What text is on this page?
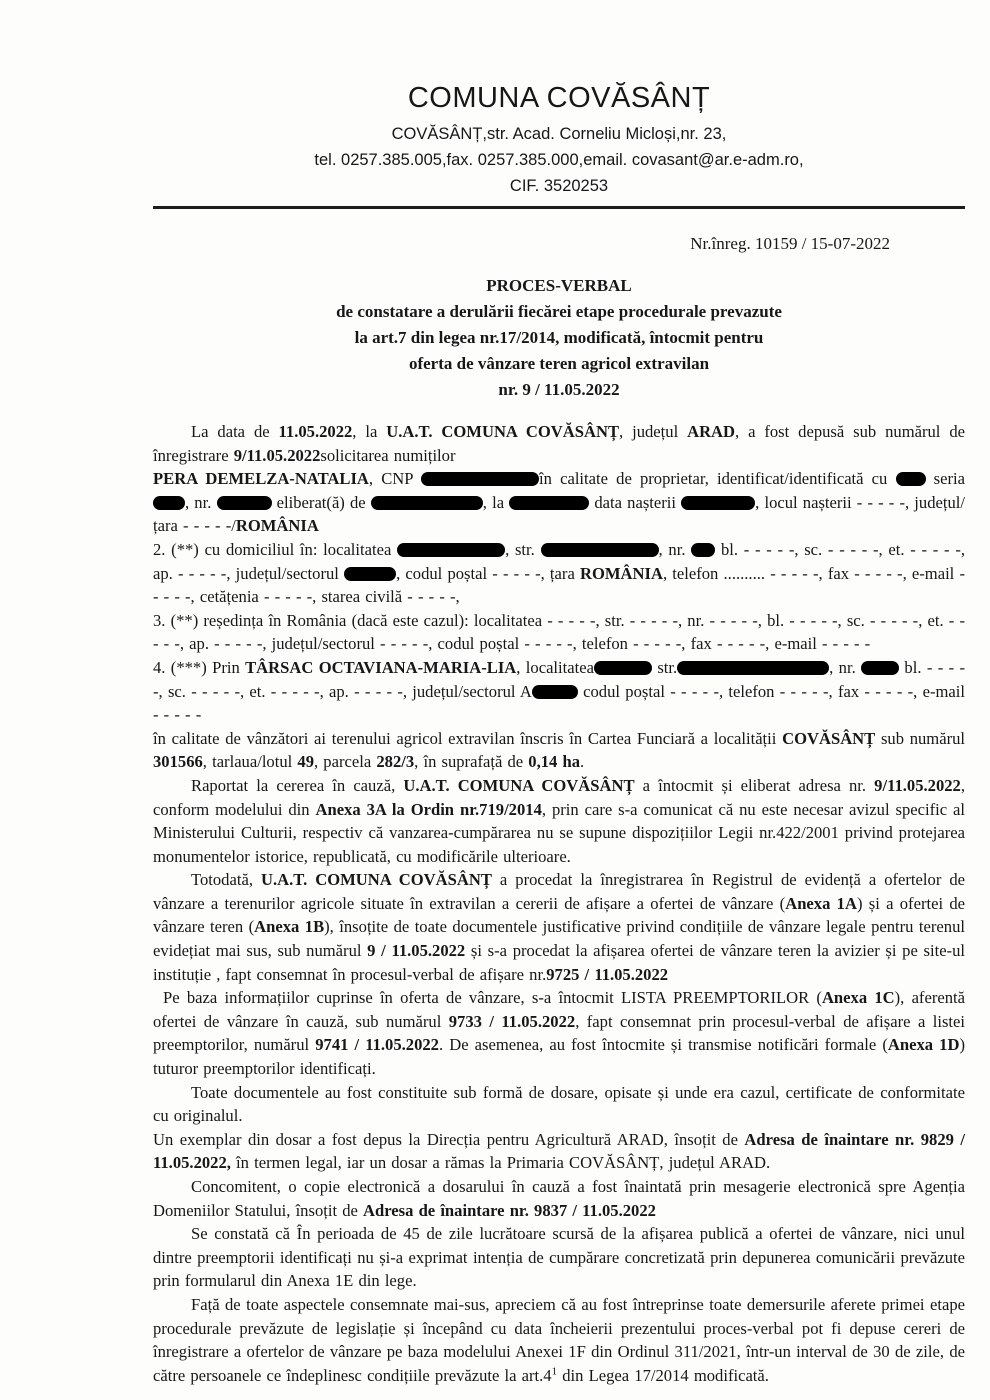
COMUNA COVĂSÂNȚ
COVĂSÂNȚ,str. Acad. Corneliu Micloși,nr. 23,
tel. 0257.385.005,fax. 0257.385.000,email. covasant@ar.e-adm.ro,
CIF. 3520253
Nr.înreg. 10159 / 15-07-2022
PROCES-VERBAL
de constatare a derulării fiecărei etape procedurale prevazute
la art.7 din legea nr.17/2014, modificată, întocmit pentru
oferta de vânzare teren agricol extravilan
nr. 9 / 11.05.2022

La data de 11.05.2022, la U.A.T. COMUNA COVĂSÂNȚ, județul ARAD, a fost depusă sub numărul de înregistrare 9/11.05.2022solicitarea numiților

PERA DEMELZA-NATALIA, CNP	în calitate de proprietar, identificat/identificată cu  seria , nr.	eliberat(ă) de	, la	data nașterii	, locul nașterii - - - - -, județul/țara - - - - -/ROMÂNIA

2. (**) cu domiciliul în: localitatea	, str.	, nr.  bl. - - - - -, sc. - - - - -, et. - - - - -, ap. - - - - -, județul/sectorul	, codul poștal - - - - -, țara ROMÂNIA, telefon .......... - - - - -, fax - - - - -, e-mail - - - - -, cetățenia - - - - -, starea civilă - - - - -,

3. (**) reședința în România (dacă este cazul): localitatea - - - - -, str. - - - - -, nr. - - - - -, bl. - - - - -, sc. - - - - -, et. - - - - -, ap. - - - - -, județul/sectorul - - - - -, codul poștal - - - - -, telefon - - - - -, fax - - - - -, e-mail - - - - -

4. (***) Prin TÂRSAC OCTAVIANA-MARIA-LIA, localitatea	str.	, nr.  bl. - - - - -, sc. - - - - -, et. - - - - -, ap. - - - - -, județul/sectorul A	codul poștal - - - - -, telefon - - - - -, fax - - - - -, e-mail - - - - -

în calitate de vânzători ai terenului agricol extravilan înscris în Cartea Funciară a localității COVĂSÂNȚ sub numărul 301566, tarlaua/lotul 49, parcela 282/3, în suprafață de 0,14 ha.

Raportat la cererea în cauză, U.A.T. COMUNA COVĂSÂNȚ a întocmit și eliberat adresa nr. 9/11.05.2022, conform modelului din Anexa 3A la Ordin nr.719/2014, prin care s-a comunicat că nu este necesar avizul specific al Ministerului Culturii, respectiv că vanzarea-cumpărarea nu se supune dispozițiilor Legii nr.422/2001 privind protejarea monumentelor istorice, republicată, cu modificările ulterioare.

Totodată, U.A.T. COMUNA COVĂSÂNȚ a procedat la înregistrarea în Registrul de evidență a ofertelor de vânzare a terenurilor agricole situate în extravilan a cererii de afișare a ofertei de vânzare (Anexa 1A) și a ofertei de vânzare teren (Anexa 1B), însoțite de toate documentele justificative privind condițiile de vânzare legale pentru terenul evidețiat mai sus, sub numărul 9 / 11.05.2022 și s-a procedat la afișarea ofertei de vânzare teren la avizier și pe site-ul instituție , fapt consemnat în procesul-verbal de afișare nr.9725 / 11.05.2022

Pe baza informațiilor cuprinse în oferta de vânzare, s-a întocmit LISTA PREEMPTORILOR (Anexa 1C), aferentă ofertei de vânzare în cauză, sub numărul 9733 / 11.05.2022, fapt consemnat prin procesul-verbal de afișare a listei preemptorilor, numărul 9741 / 11.05.2022. De asemenea, au fost întocmite și transmise notificări formale (Anexa 1D) tuturor preemptorilor identificați.

Toate documentele au fost constituite sub formă de dosare, opisate și unde era cazul, certificate de conformitate cu originalul.

Un exemplar din dosar a fost depus la Direcția pentru Agricultură ARAD, însoțit de Adresa de înaintare nr. 9829 / 11.05.2022, în termen legal, iar un dosar a rămas la Primaria COVĂSÂNȚ, județul ARAD.

Concomitent, o copie electronică a dosarului în cauză a fost înaintată prin mesagerie electronică spre Agenția Domeniilor Statului, însoțit de Adresa de înaintare nr. 9837 / 11.05.2022

Se constată că În perioada de 45 de zile lucrătoare scursă de la afișarea publică a ofertei de vânzare, nici unul dintre preemptorii identificați nu și-a exprimat intenția de cumpărare concretizată prin depunerea comunicării prevăzute prin formularul din Anexa 1E din lege.

Față de toate aspectele consemnate mai-sus, apreciem că au fost întreprinse toate demersurile aferete primei etape procedurale prevăzute de legislație și începând cu data încheierii prezentului proces-verbal pot fi depuse cereri de înregistrare a ofertelor de vânzare pe baza modelului Anexei 1F din Ordinul 311/2021, într-un interval de 30 de zile, de către persoanele ce îndeplinesc condițiile prevăzute la $art.4^1$ din Legea 17/2014 modificată.
